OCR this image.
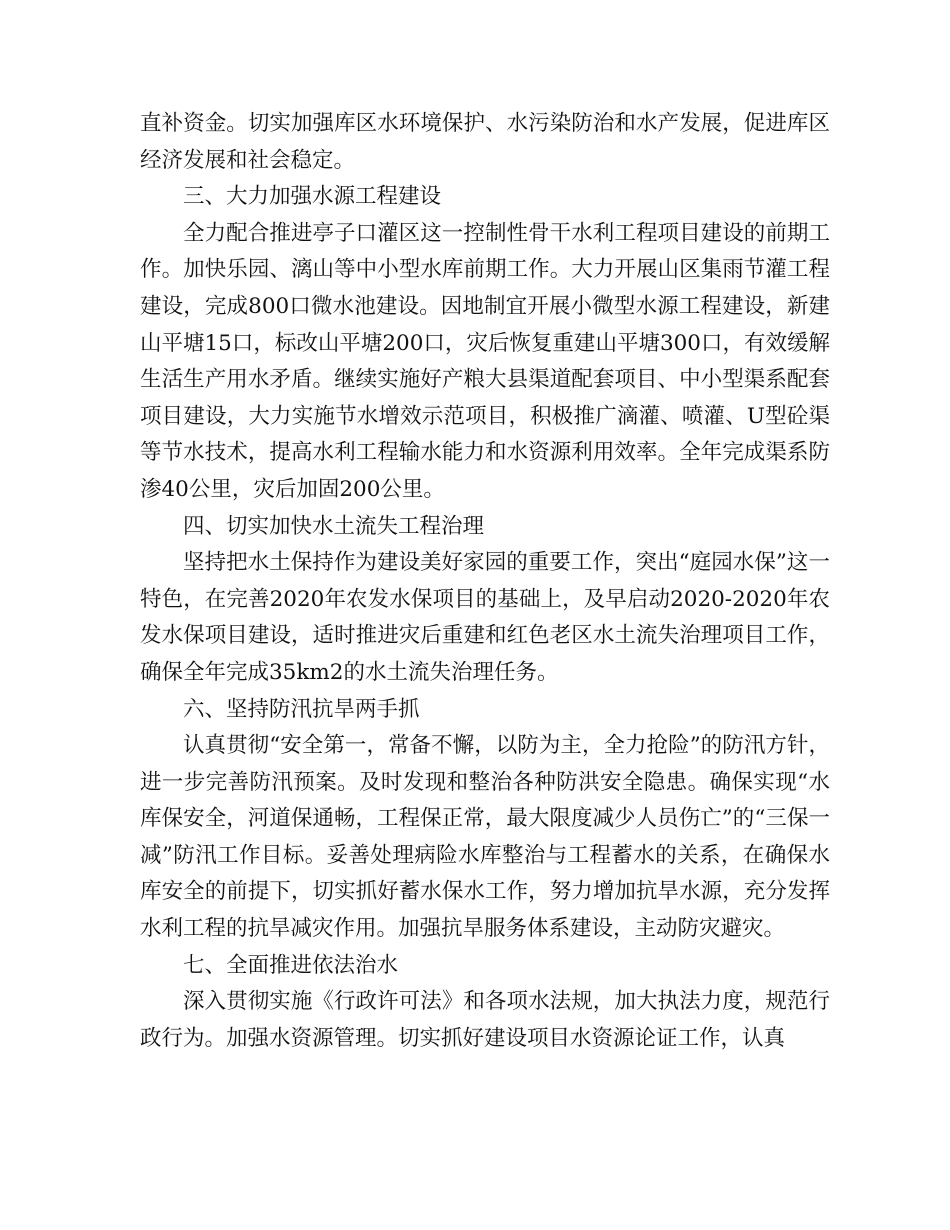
直补资金。切实加强库区水环境保护、水污染防治和水产发展，促进库区经济发展和社会稳定。

三、大力加强水源工程建设

全力配合推进亭子口灌区这一控制性骨干水利工程项目建设的前期工作。加快乐园、漓山等中小型水库前期工作。大力开展山区集雨节灌工程建设，完成800口微水池建设。因地制宜开展小微型水源工程建设，新建山平塘15口，标改山平塘200口，灾后恢复重建山平塘300口，有效缓解生活生产用水矛盾。继续实施好产粮大县渠道配套项目、中小型渠系配套项目建设，大力实施节水增效示范项目，积极推广滴灌、喷灌、U型砼渠等节水技术，提高水利工程输水能力和水资源利用效率。全年完成渠系防渗40公里，灾后加固200公里。

四、切实加快水土流失工程治理

坚持把水土保持作为建设美好家园的重要工作，突出“庭园水保”这一特色，在完善2020年农发水保项目的基础上，及早启动2020-2020年农发水保项目建设，适时推进灾后重建和红色老区水土流失治理项目工作，确保全年完成35km2的水土流失治理任务。

六、坚持防汛抗旱两手抓

认真贯彻“安全第一，常备不懈，以防为主，全力抢险”的防汛方针，进一步完善防汛预案。及时发现和整治各种防洪安全隐患。确保实现“水库保安全，河道保通畅，工程保正常，最大限度减少人员伤亡”的“三保一减”防汛工作目标。妥善处理病险水库整治与工程蓄水的关系，在确保水库安全的前提下，切实抓好蓄水保水工作，努力增加抗旱水源，充分发挥水利工程的抗旱减灾作用。加强抗旱服务体系建设，主动防灾避灾。

七、全面推进依法治水

深入贯彻实施《行政许可法》和各项水法规，加大执法力度，规范行政行为。加强水资源管理。切实抓好建设项目水资源论证工作，认真
